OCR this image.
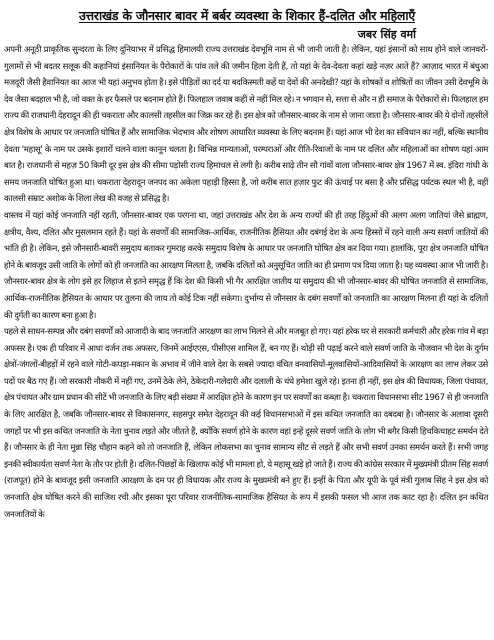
उत्तराखंड के जौनसार बावर में बर्बर व्यवस्था के शिकार हैं-दलित और महिलाएँ
जबर सिंह वर्मा

अपनी अनूठी प्राकृतिक सुन्दरता के लिए दुनियाभर में प्रसिद्ध हिमालयी राज्य उत्तराखंड देवभूमि नाम से भी जानी जाती है। लेकिन, यहां इंसानों को साथ होने वाले जानवरों-गुलामों से भी बदतर सलूक की कहानियां इंसानियत के पैरोकारों के पांव तले की जमीन हिला देती हैं, तो यहां के देव-देवता कहां खड़े नज़र आते हैं? आज़ाद भारत में बंधुआ मजदूरी जैसी हैवानियत का आज भी यहां अनुभव होता है। इसे पीड़ितों का दर्द या बदकिस्मती कहें या देवों की अनदेखी? यहां के शोषकों व शोषितों का जीवन उसी देवभूमि के देव जैसा बदहाल भी है, जो वक्त के हर फैसले पर बदनाम होते हैं। फिलहाल जवाब कहीं से नहीं मिल रहे। न भगवान से, सत्ता से और न ही समाज के पैरोकारों से। फिलहाल हम राज्य की राजधानी देहरादून की ही चकराता और कालसी तहसील का जिक्र कर रहे हैं। इस क्षेत्र को जौनसार-बावर के नाम से जाना जाता है। जौनसार-बावर की ये दोनों तहसीलें क्षेत्र विशेष के आधार पर जनजाति घोषित हैं और सामाजिक भेदभाव और शोषण आधारित व्यवस्था के लिए बदनाम हैं। यहां आज भी देश का संविधान का नहीं, बल्कि स्थानीय देवता 'महासू' के नाम पर उसके इशारों चलने वाला कानून चलता है। विभिन्न मान्यताओं, परम्पराओं और रीति-रिवाजों के नाम पर दलित और महिलाओं का शोषण यहां आम बात है। राजधानी से महज़ 50 किमी दूर इस क्षेत्र की सीमा पड़ोसी राज्य हिमाचल से लगी है। करीब साढ़े तीन सौ गांवों वाला जौनसार-बावर क्षेत्र 1967 में स्व. इंदिरा गांधी के समय जनजाति घोषित हुआ था। चकराता देहरादून जनपद का अकेला पहाड़ी हिस्सा है, जो करीब सात हज़ार फुट की ऊंचाई पर बसा है और प्रसिद्ध पर्यटक स्थल भी है, वहीं कालसी सम्राट अशोक के शिला लेख की वजह से प्रसिद्ध है।

वास्तव में यहां कोई जनजाति नहीं रहती, जौनसार-बावर एक परगना था, जहां उत्तराखंड और देश के अन्य राज्यों की ही तरह हिंदुओं की अलग अलग जातियां जैसे ब्राह्मण, क्षत्रीय, वैश्य, दलित और मुसलमान रहते हैं। यहां के सवर्णों की सामाजिक-आर्थिक, राजनीतिक हैसियत और दबंगई देश के अन्य हिस्सों में रहने वाली अन्य सवर्ण जातियों की भांति ही है। लेकिन, इसे जौनसारी-बावरी समुदाय बताकर गुमराह करके समुदाय विशेष के आधार पर जनजाति घोषित क्षेत्र कर दिया गया। हालांकि, पूरा क्षेत्र जनजाति घोषित होने के बावजूद उसी जाति के लोगों को ही जनजाति का आरक्षण मिलता है, जबकि दलितों को अनुसूचित जाति का ही प्रमाण पत्र दिया जाता है। यह व्यवस्था आज भी जारी है। जौनसार-बावर क्षेत्र के लोग इसे हर लिहाज से इतने समृद्ध हैं कि देश की किसी भी गैर आरक्षित जातीय या समुदाय की भी जौनसार-बावर की घोषित जनजाति से सामाजिक, आर्थिक-राजनीतिक हैसियत के आधार पर तुलना की जाय तो कोई टिक नहीं सकेगा। दुर्भाग्य से जौनसार के दबंग सवर्णों को जनजाति का आरक्षण मिलना ही यहां के दलितों की दुर्गती का कारण बना हुआ है।

पहले से साधन-सम्पन्न और दबंग सवर्णों को आजादी के बाद जनजाति आरक्षण का लाभ मिलने से और मजबूत हो गए। यहां हरेक घर से सरकारी कर्मचारी और हरेक गांव में बड़ा अफसर है। एक ही परिवार में आधा दर्जन तक अफसर, जिनमें आईएएस, पीसीएस शामिल हैं, बन गए हैं। थोड़ी सी पढ़ाई करने वाले सवर्ण जाति के नौजवान भी देश के दुर्गम क्षेत्रों-जंगलों-बीहड़ों में रहने वाले गोटी-कपड़ा-मकान के अभाव में जीने वाले देश के सबसे ज्यादा वंचित वनवासियों-मूलवासियों-आदिवासियों के आरक्षण का लाभ लेकर उसे पदों पर बैठ गए हैं। जो सरकारी नौकरी में नहीं गए, उनमें ठेके लेने, ठेकेदारी-गलेदारी और दलाली के धंधे हमेशा खुले रहे। इतना ही नहीं, इस क्षेत्र की विधायक, जिला पंचायत, क्षेत्र पंचायत और ग्राम प्रधान की सीटें भी जनजाति के लिए बड़ी संख्या में आरक्षित होने के कारण इन पर सवर्णों का कब्ज़ा है। चकराता विधानसभा सीट 1967 से ही जनजाति के लिए आरक्षित है, जबकि जौनसार-बावर से विकासनगर, सहसपुर समेत देहरादून की कई विधानसभाओं में इस कथित जनजाति का दबदबा है। जौनसार के अलावा दूसरी जगहों पर भी इस कथित जनजाति के नेता चुनाव लड़ते और जीतते हैं, क्योंकि सवर्ण होने के कारण वहां इन्हें दूसरे सवर्ण जाति के लोग भी बगैर किसी हिचकिचाहट समर्थन देते हैं। जौनसार के ही नेता मुन्ना सिंह चौहान कहने को तो जनजाति हैं, लेकिन लोकसभा का चुनाव सामान्य सीट से लड़ते हैं और सभी सवर्ण उनका समर्थन करते हैं। सभी जगह इनकी स्वीकार्यता सवर्ण नेता के तौर पर होती है। दलित-पिछड़ों के खिलाफ कोई भी मामला हो, ये महासू खड़े हो जाते हैं। राज्य की कांग्रेस सरकार में मुख्यमंत्री प्रीतम सिंह सवर्ण (राजपूत) होने के बावजूद इसी जनजाति आरक्षण के दम पर ही विधायक और राज्य के मुख्यमंत्री बने हुए हैं। इन्हीं के पिता और यूपी के पूर्व मंत्री गुलाब सिंह ने इस क्षेत्र को जनजाति क्षेत्र घोषित करने की साजिश रची और इसका पूरा परिवार राजनीतिक-सामाजिक हैसियत के रूप में इसकी फसल भी आज तक काट रहा है। दलित इन कथित जनजातियों के
